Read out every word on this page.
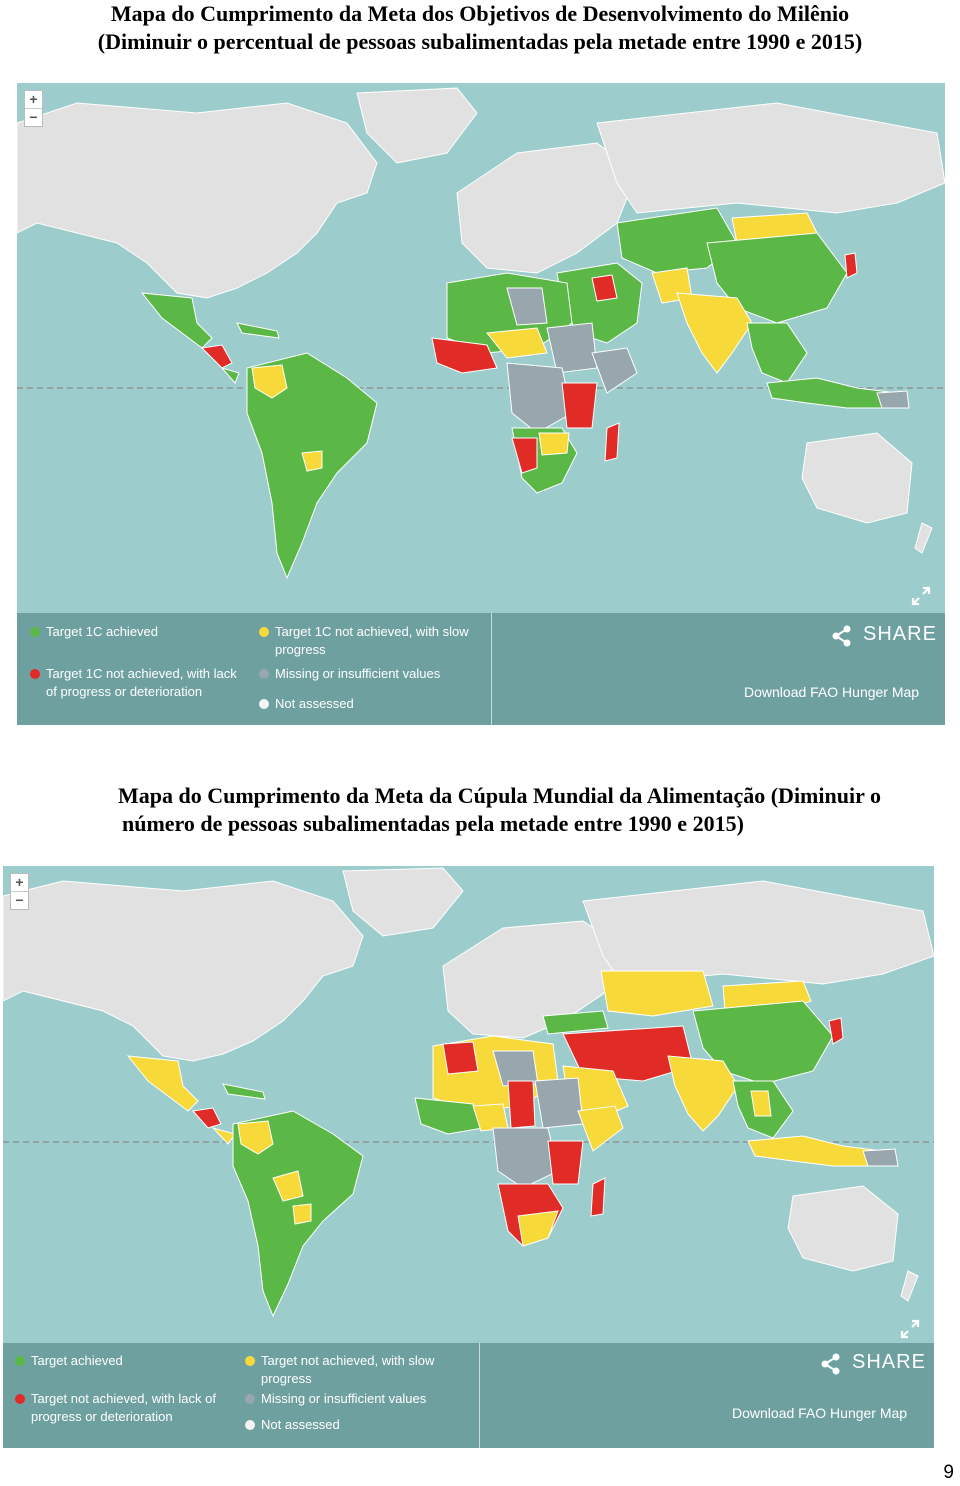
Mapa do Cumprimento da Meta dos Objetivos de Desenvolvimento do Milênio
(Diminuir o percentual de pessoas subalimentadas pela metade entre 1990 e 2015)
+
−
Target 1C achieved
Target 1C not achieved, with lack of progress or deterioration
Target 1C not achieved, with slow progress
Missing or insufficient values
Not assessed
SHARE
Download FAO Hunger Map
Mapa do Cumprimento da Meta da Cúpula Mundial da Alimentação (Diminuir o
número de pessoas subalimentadas pela metade entre 1990 e 2015)
+
−
Target achieved
Target not achieved, with lack of progress or deterioration
Target not achieved, with slow progress
Missing or insufficient values
Not assessed
SHARE
Download FAO Hunger Map
9
